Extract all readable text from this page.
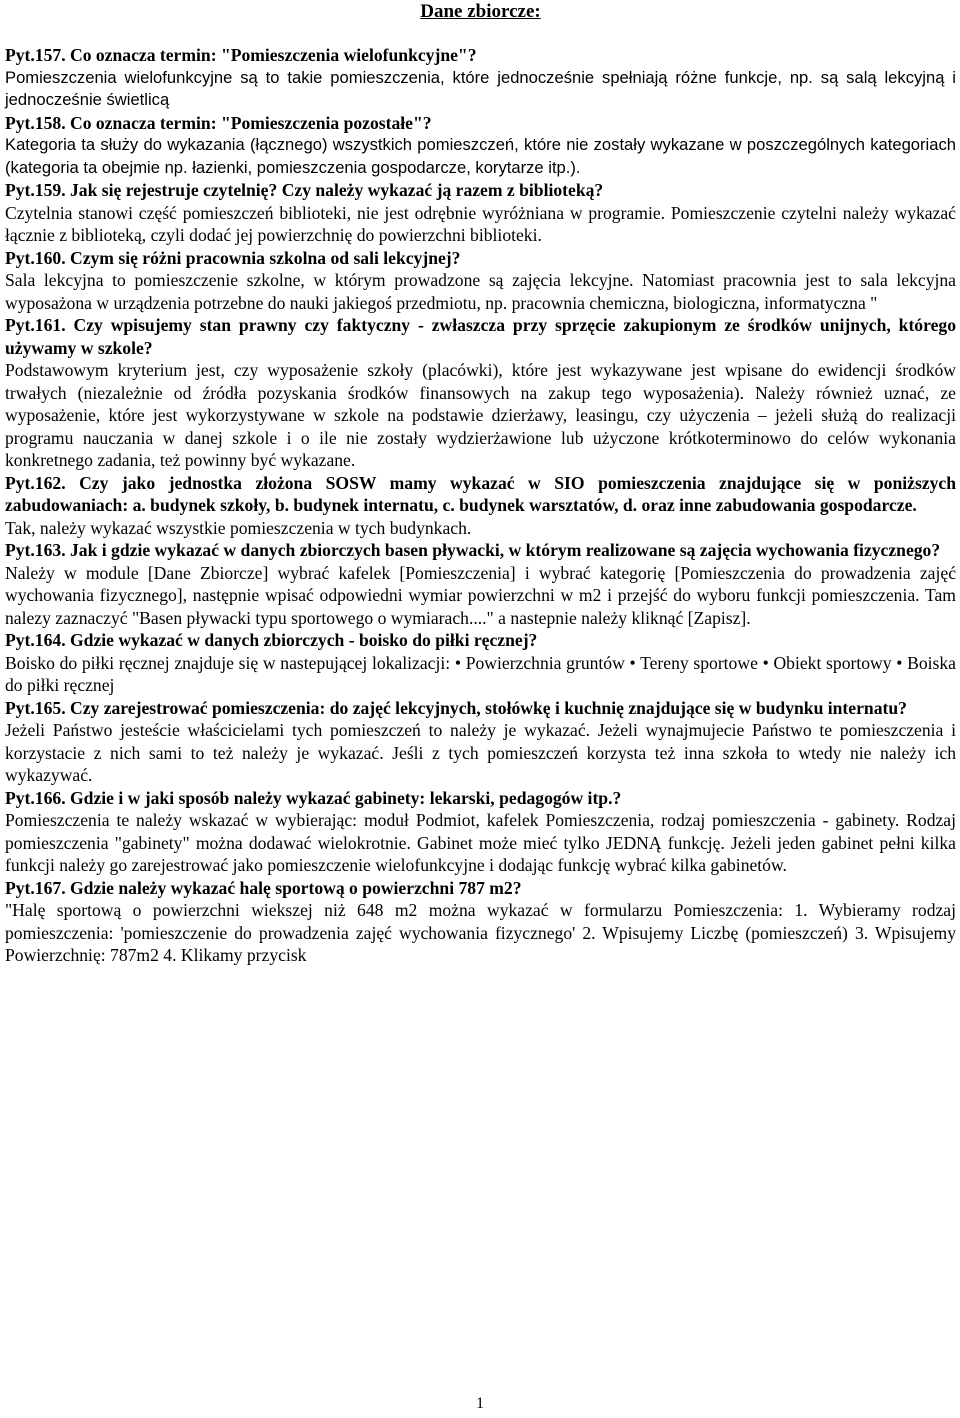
Dane zbiorcze:

Pyt.157. Co oznacza termin: "Pomieszczenia wielofunkcyjne"?

Pomieszczenia wielofunkcyjne są to takie pomieszczenia, które jednocześnie spełniają różne funkcje, np. są salą lekcyjną i jednocześnie świetlicą

Pyt.158. Co oznacza termin: "Pomieszczenia pozostałe"?

Kategoria ta służy do wykazania (łącznego) wszystkich pomieszczeń, które nie zostały wykazane w poszczególnych kategoriach (kategoria ta obejmie np. łazienki, pomieszczenia gospodarcze, korytarze itp.).

Pyt.159. Jak się rejestruje czytelnię? Czy należy wykazać ją razem z biblioteką?

Czytelnia stanowi część pomieszczeń biblioteki, nie jest odrębnie wyróżniana w programie. Pomieszczenie czytelni należy wykazać łącznie z biblioteką, czyli dodać jej powierzchnię do powierzchni biblioteki.

Pyt.160. Czym się różni pracownia szkolna od sali lekcyjnej?

Sala lekcyjna to pomieszczenie szkolne, w którym prowadzone są zajęcia lekcyjne. Natomiast pracownia jest to sala lekcyjna wyposażona w urządzenia potrzebne do nauki jakiegoś przedmiotu, np. pracownia chemiczna, biologiczna, informatyczna "

Pyt.161. Czy wpisujemy stan prawny czy faktyczny - zwłaszcza przy sprzęcie zakupionym ze środków unijnych, którego używamy w szkole?

Podstawowym kryterium jest, czy wyposażenie szkoły (placówki), które jest wykazywane jest wpisane do ewidencji środków trwałych (niezależnie od źródła pozyskania środków finansowych na zakup tego wyposażenia). Należy również uznać, ze wyposażenie, które jest wykorzystywane w szkole na podstawie dzierżawy, leasingu, czy użyczenia – jeżeli służą do realizacji programu nauczania w danej szkole i o ile nie zostały wydzierżawione lub użyczone krótkoterminowo do celów wykonania konkretnego zadania, też powinny być wykazane.

Pyt.162. Czy jako jednostka złożona SOSW mamy wykazać w SIO pomieszczenia znajdujące się w poniższych zabudowaniach: a. budynek szkoły, b. budynek internatu, c. budynek warsztatów, d. oraz inne zabudowania gospodarcze.

Tak, należy wykazać wszystkie pomieszczenia w tych budynkach.

Pyt.163. Jak i gdzie wykazać w danych zbiorczych basen pływacki, w którym realizowane są zajęcia wychowania fizycznego?

Należy w module [Dane Zbiorcze] wybrać kafelek [Pomieszczenia] i wybrać kategorię [Pomieszczenia do prowadzenia zajęć wychowania fizycznego], następnie wpisać odpowiedni wymiar powierzchni w m2 i przejść do wyboru funkcji pomieszczenia. Tam nalezy zaznaczyć "Basen pływacki typu sportowego o wymiarach...." a nastepnie należy kliknąć [Zapisz].

Pyt.164. Gdzie wykazać w danych zbiorczych - boisko do piłki ręcznej?

Boisko do piłki ręcznej znajduje się w nastepującej lokalizacji: • Powierzchnia gruntów • Tereny sportowe • Obiekt sportowy • Boiska do piłki ręcznej

Pyt.165. Czy zarejestrować pomieszczenia: do zajęć lekcyjnych, stołówkę i kuchnię znajdujące się w budynku internatu?

Jeżeli Państwo jesteście właścicielami tych pomieszczeń to należy je wykazać. Jeżeli wynajmujecie Państwo te pomieszczenia i korzystacie z nich sami to też należy je wykazać. Jeśli z tych pomieszczeń korzysta też inna szkoła to wtedy nie należy ich wykazywać.

Pyt.166. Gdzie i w jaki sposób należy wykazać gabinety: lekarski, pedagogów itp.?

Pomieszczenia te należy wskazać w wybierając: moduł Podmiot, kafelek Pomieszczenia, rodzaj pomieszczenia - gabinety. Rodzaj pomieszczenia "gabinety" można dodawać wielokrotnie. Gabinet może mieć tylko JEDNĄ funkcję. Jeżeli jeden gabinet pełni kilka funkcji należy go zarejestrować jako pomieszczenie wielofunkcyjne i dodając funkcję wybrać kilka gabinetów.

Pyt.167. Gdzie należy wykazać halę sportową o powierzchni 787 m2?

"Halę sportową o powierzchni wiekszej niż 648 m2 można wykazać w formularzu Pomieszczenia: 1. Wybieramy rodzaj pomieszczenia: 'pomieszczenie do prowadzenia zajęć wychowania fizycznego' 2. Wpisujemy Liczbę (pomieszczeń) 3. Wpisujemy Powierzchnię: 787m2 4. Klikamy przycisk

1
